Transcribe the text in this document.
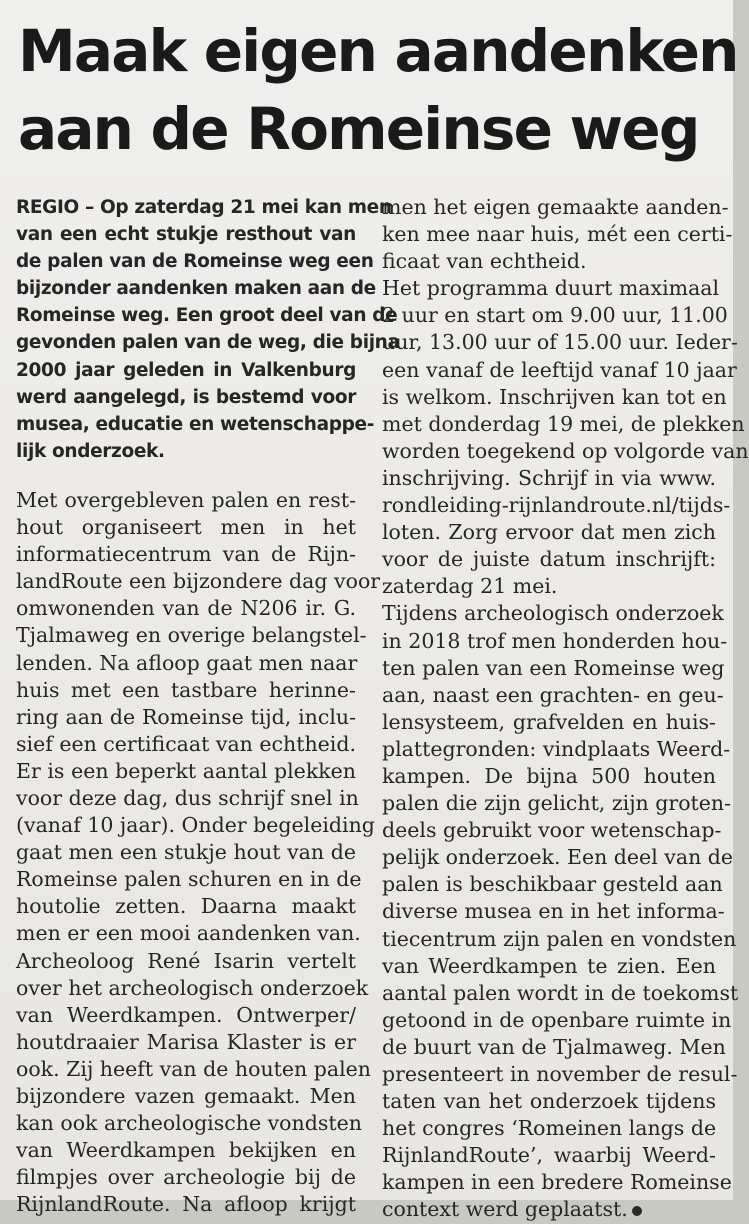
Maak eigen aandenken
aan de Romeinse weg
REGIO – Op zaterdag 21 mei kan men
van een echt stukje resthout van
de palen van de Romeinse weg een
bijzonder aandenken maken aan de
Romeinse weg. Een groot deel van de
gevonden palen van de weg, die bijna
2000 jaar geleden in Valkenburg
werd aangelegd, is bestemd voor
musea, educatie en wetenschappe-
lijk onderzoek.
Met overgebleven palen en rest-
hout organiseert men in het
informatiecentrum van de Rijn-
landRoute een bijzondere dag voor
omwonenden van de N206 ir. G.
Tjalmaweg en overige belangstel-
lenden. Na afloop gaat men naar
huis met een tastbare herinne-
ring aan de Romeinse tijd, inclu-
sief een certificaat van echtheid.
Er is een beperkt aantal plekken
voor deze dag, dus schrijf snel in
(vanaf 10 jaar). Onder begeleiding
gaat men een stukje hout van de
Romeinse palen schuren en in de
houtolie zetten. Daarna maakt
men er een mooi aandenken van.
Archeoloog René Isarin vertelt
over het archeologisch onderzoek
van Weerdkampen. Ontwerper/
houtdraaier Marisa Klaster is er
ook. Zij heeft van de houten palen
bijzondere vazen gemaakt. Men
kan ook archeologische vondsten
van Weerdkampen bekijken en
filmpjes over archeologie bij de
RijnlandRoute. Na afloop krijgt
men het eigen gemaakte aanden-
ken mee naar huis, mét een certi-
ficaat van echtheid.
Het programma duurt maximaal
2 uur en start om 9.00 uur, 11.00
uur, 13.00 uur of 15.00 uur. Ieder-
een vanaf de leeftijd vanaf 10 jaar
is welkom. Inschrijven kan tot en
met donderdag 19 mei, de plekken
worden toegekend op volgorde van
inschrijving. Schrijf in via www.
rondleiding-rijnlandroute.nl/tijds-
loten. Zorg ervoor dat men zich
voor de juiste datum inschrijft:
zaterdag 21 mei.
Tijdens archeologisch onderzoek
in 2018 trof men honderden hou-
ten palen van een Romeinse weg
aan, naast een grachten- en geu-
lensysteem, grafvelden en huis-
plattegronden: vindplaats Weerd-
kampen. De bijna 500 houten
palen die zijn gelicht, zijn groten-
deels gebruikt voor wetenschap-
pelijk onderzoek. Een deel van de
palen is beschikbaar gesteld aan
diverse musea en in het informa-
tiecentrum zijn palen en vondsten
van Weerdkampen te zien. Een
aantal palen wordt in de toekomst
getoond in de openbare ruimte in
de buurt van de Tjalmaweg. Men
presenteert in november de resul-
taten van het onderzoek tijdens
het congres ‘Romeinen langs de
RijnlandRoute’, waarbij Weerd-
kampen in een bredere Romeinse
context werd geplaatst.
